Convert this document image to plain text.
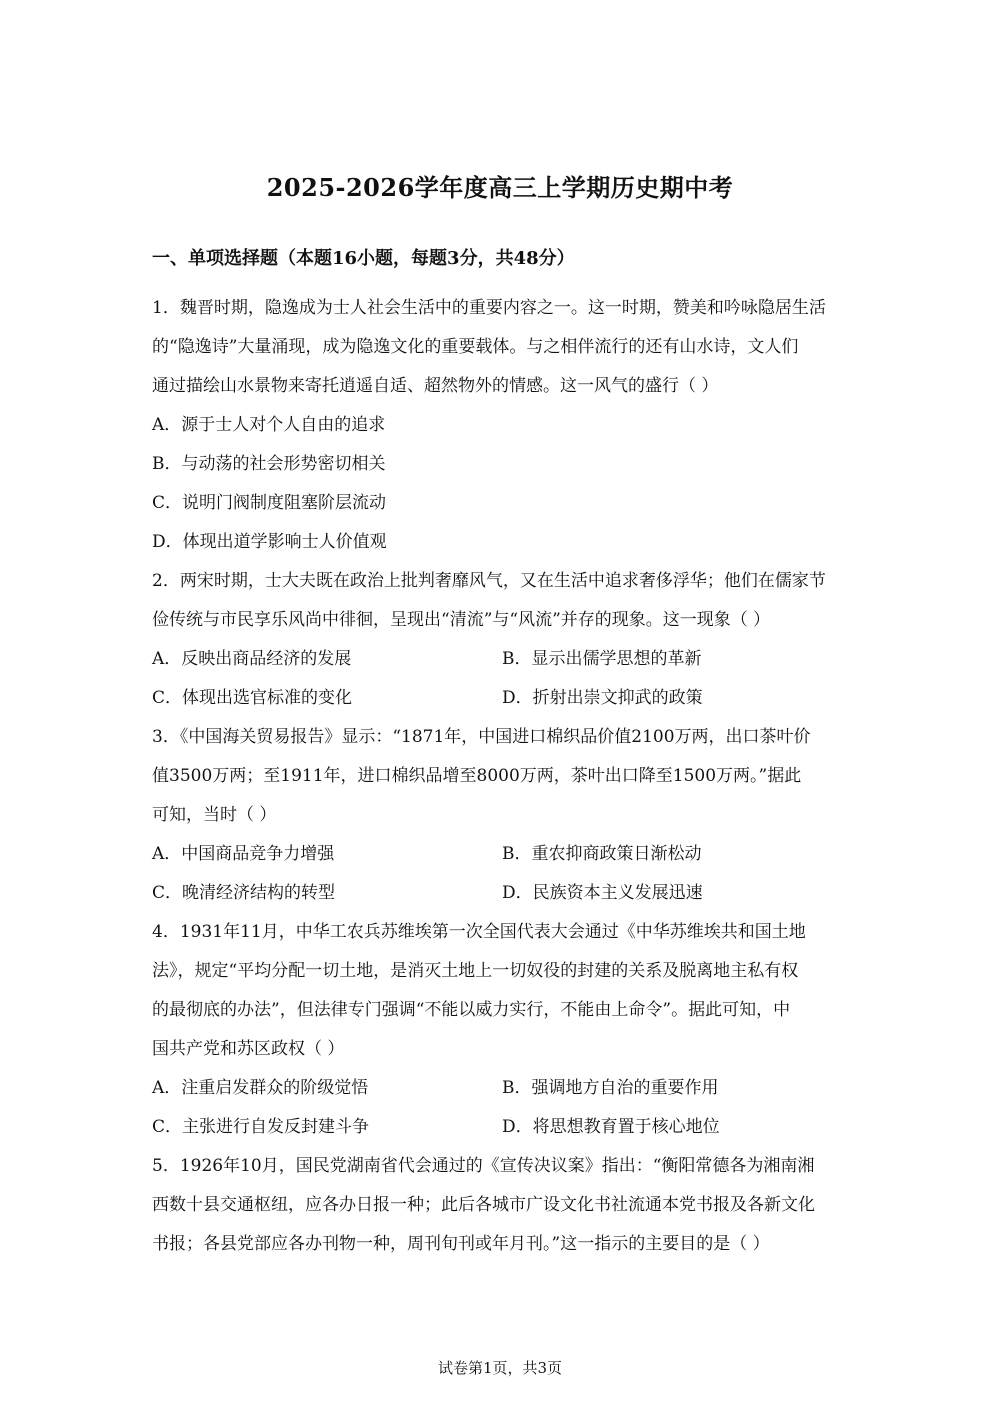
2025-2026学年度高三上学期历史期中考
一、单项选择题（本题16小题，每题3分，共48分）

1．魏晋时期，隐逸成为士人社会生活中的重要内容之一。这一时期，赞美和吟咏隐居生活

的“隐逸诗”大量涌现，成为隐逸文化的重要载体。与之相伴流行的还有山水诗，文人们

通过描绘山水景物来寄托逍遥自适、超然物外的情感。这一风气的盛行（ ）

A．源于士人对个人自由的追求

B．与动荡的社会形势密切相关

C．说明门阀制度阻塞阶层流动

D．体现出道学影响士人价值观

2．两宋时期，士大夫既在政治上批判奢靡风气，又在生活中追求奢侈浮华；他们在儒家节

俭传统与市民享乐风尚中徘徊，呈现出“清流”与“风流”并存的现象。这一现象（ ）

A．反映出商品经济的发展	B．显示出儒学思想的革新
C．体现出选官标准的变化	D．折射出崇文抑武的政策

3．《中国海关贸易报告》显示：“1871年，中国进口棉织品价值2100万两，出口茶叶价

值3500万两；至1911年，进口棉织品增至8000万两，茶叶出口降至1500万两。”据此

可知，当时（ ）

A．中国商品竞争力增强	B．重农抑商政策日渐松动
C．晚清经济结构的转型	D．民族资本主义发展迅速

4．1931年11月，中华工农兵苏维埃第一次全国代表大会通过《中华苏维埃共和国土地

法》，规定“平均分配一切土地，是消灭土地上一切奴役的封建的关系及脱离地主私有权

的最彻底的办法”，但法律专门强调“不能以威力实行，不能由上命令”。据此可知，中

国共产党和苏区政权（ ）

A．注重启发群众的阶级觉悟	B．强调地方自治的重要作用
C．主张进行自发反封建斗争	D．将思想教育置于核心地位

5．1926年10月，国民党湖南省代会通过的《宣传决议案》指出：“衡阳常德各为湘南湘

西数十县交通枢纽，应各办日报一种；此后各城市广设文化书社流通本党书报及各新文化

书报；各县党部应各办刊物一种，周刊旬刊或年月刊。”这一指示的主要目的是（ ）

试卷第1页，共3页
